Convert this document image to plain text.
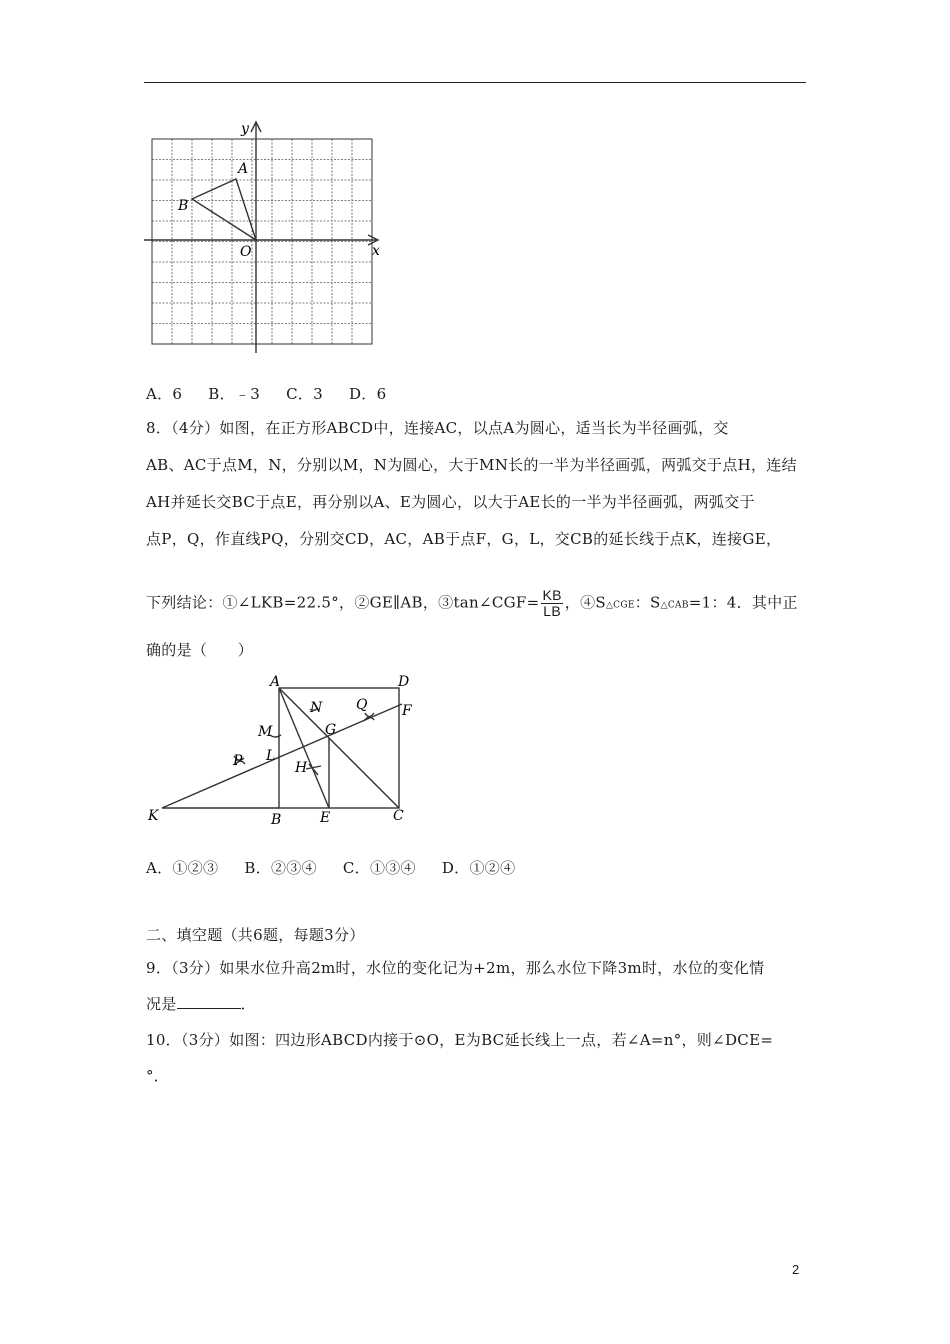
x
y
A
B
O
A．6 B．﹣3 C．3 D．6
8．（4分）如图，在正方形ABCD中，连接AC，以点A为圆心，适当长为半径画弧，交
AB、AC于点M，N，分别以M，N为圆心，大于MN长的一半为半径画弧，两弧交于点H，连结
AH并延长交BC于点E，再分别以A、E为圆心，以大于AE长的一半为半径画弧，两弧交于
点P，Q，作直线PQ，分别交CD，AC，AB于点F，G，L，交CB的延长线于点K，连接GE，
下列结论：①∠LKB=22.5°，②GE∥AB，③tan∠CGF= $\frac{KB}{LB}$ ，④S△CGE：S△CAB=1：4．其中正
确的是（　　）
A	D
F
N Q
M	G
L
P	H
K	B	E	C
A．①②③ B．②③④ C．①③④ D．①②④
二、填空题（共6题，每题3分）
9．（3分）如果水位升高2m时，水位的变化记为+2m，那么水位下降3m时，水位的变化情
况是	．
10．（3分）如图：四边形ABCD内接于⊙O，E为BC延长线上一点，若∠A=n°，则∠DCE=
°．
2
